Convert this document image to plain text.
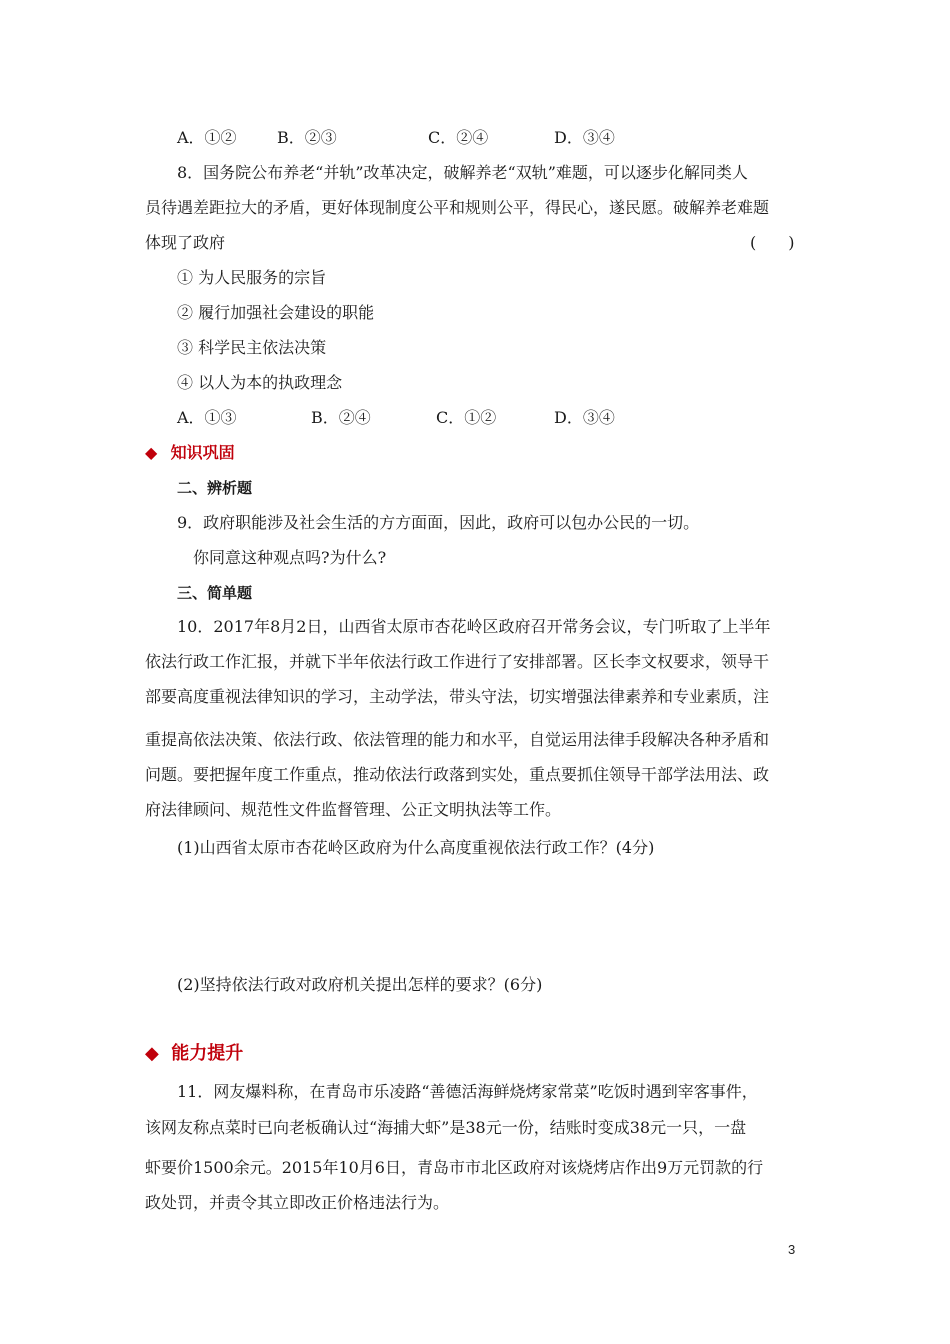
A．①②	B．②③	C．②④	D．③④
8．国务院公布养老“并轨”改革决定，破解养老“双轨”难题，可以逐步化解同类人
员待遇差距拉大的矛盾，更好体现制度公平和规则公平，得民心，遂民愿。破解养老难题
体现了政府	(　　)
① 为人民服务的宗旨
② 履行加强社会建设的职能
③ 科学民主依法决策
④ 以人为本的执政理念
A．①③	B．②④	C．①②	D．③④
◆ 知识巩固
二、辨析题
9．政府职能涉及社会生活的方方面面，因此，政府可以包办公民的一切。
你同意这种观点吗?为什么?
三、简单题
10．2017年8月2日，山西省太原市杏花岭区政府召开常务会议，专门听取了上半年
依法行政工作汇报，并就下半年依法行政工作进行了安排部署。区长李文权要求，领导干
部要高度重视法律知识的学习，主动学法，带头守法，切实增强法律素养和专业素质，注
重提高依法决策、依法行政、依法管理的能力和水平，自觉运用法律手段解决各种矛盾和
问题。要把握年度工作重点，推动依法行政落到实处，重点要抓住领导干部学法用法、政
府法律顾问、规范性文件监督管理、公正文明执法等工作。
(1)山西省太原市杏花岭区政府为什么高度重视依法行政工作？(4分)
(2)坚持依法行政对政府机关提出怎样的要求？(6分)
◆ 能力提升
11．网友爆料称，在青岛市乐凌路“善德活海鲜烧烤家常菜”吃饭时遇到宰客事件，
该网友称点菜时已向老板确认过“海捕大虾”是38元一份，结账时变成38元一只，一盘
虾要价1500余元。2015年10月6日，青岛市市北区政府对该烧烤店作出9万元罚款的行
政处罚，并责令其立即改正价格违法行为。
3
